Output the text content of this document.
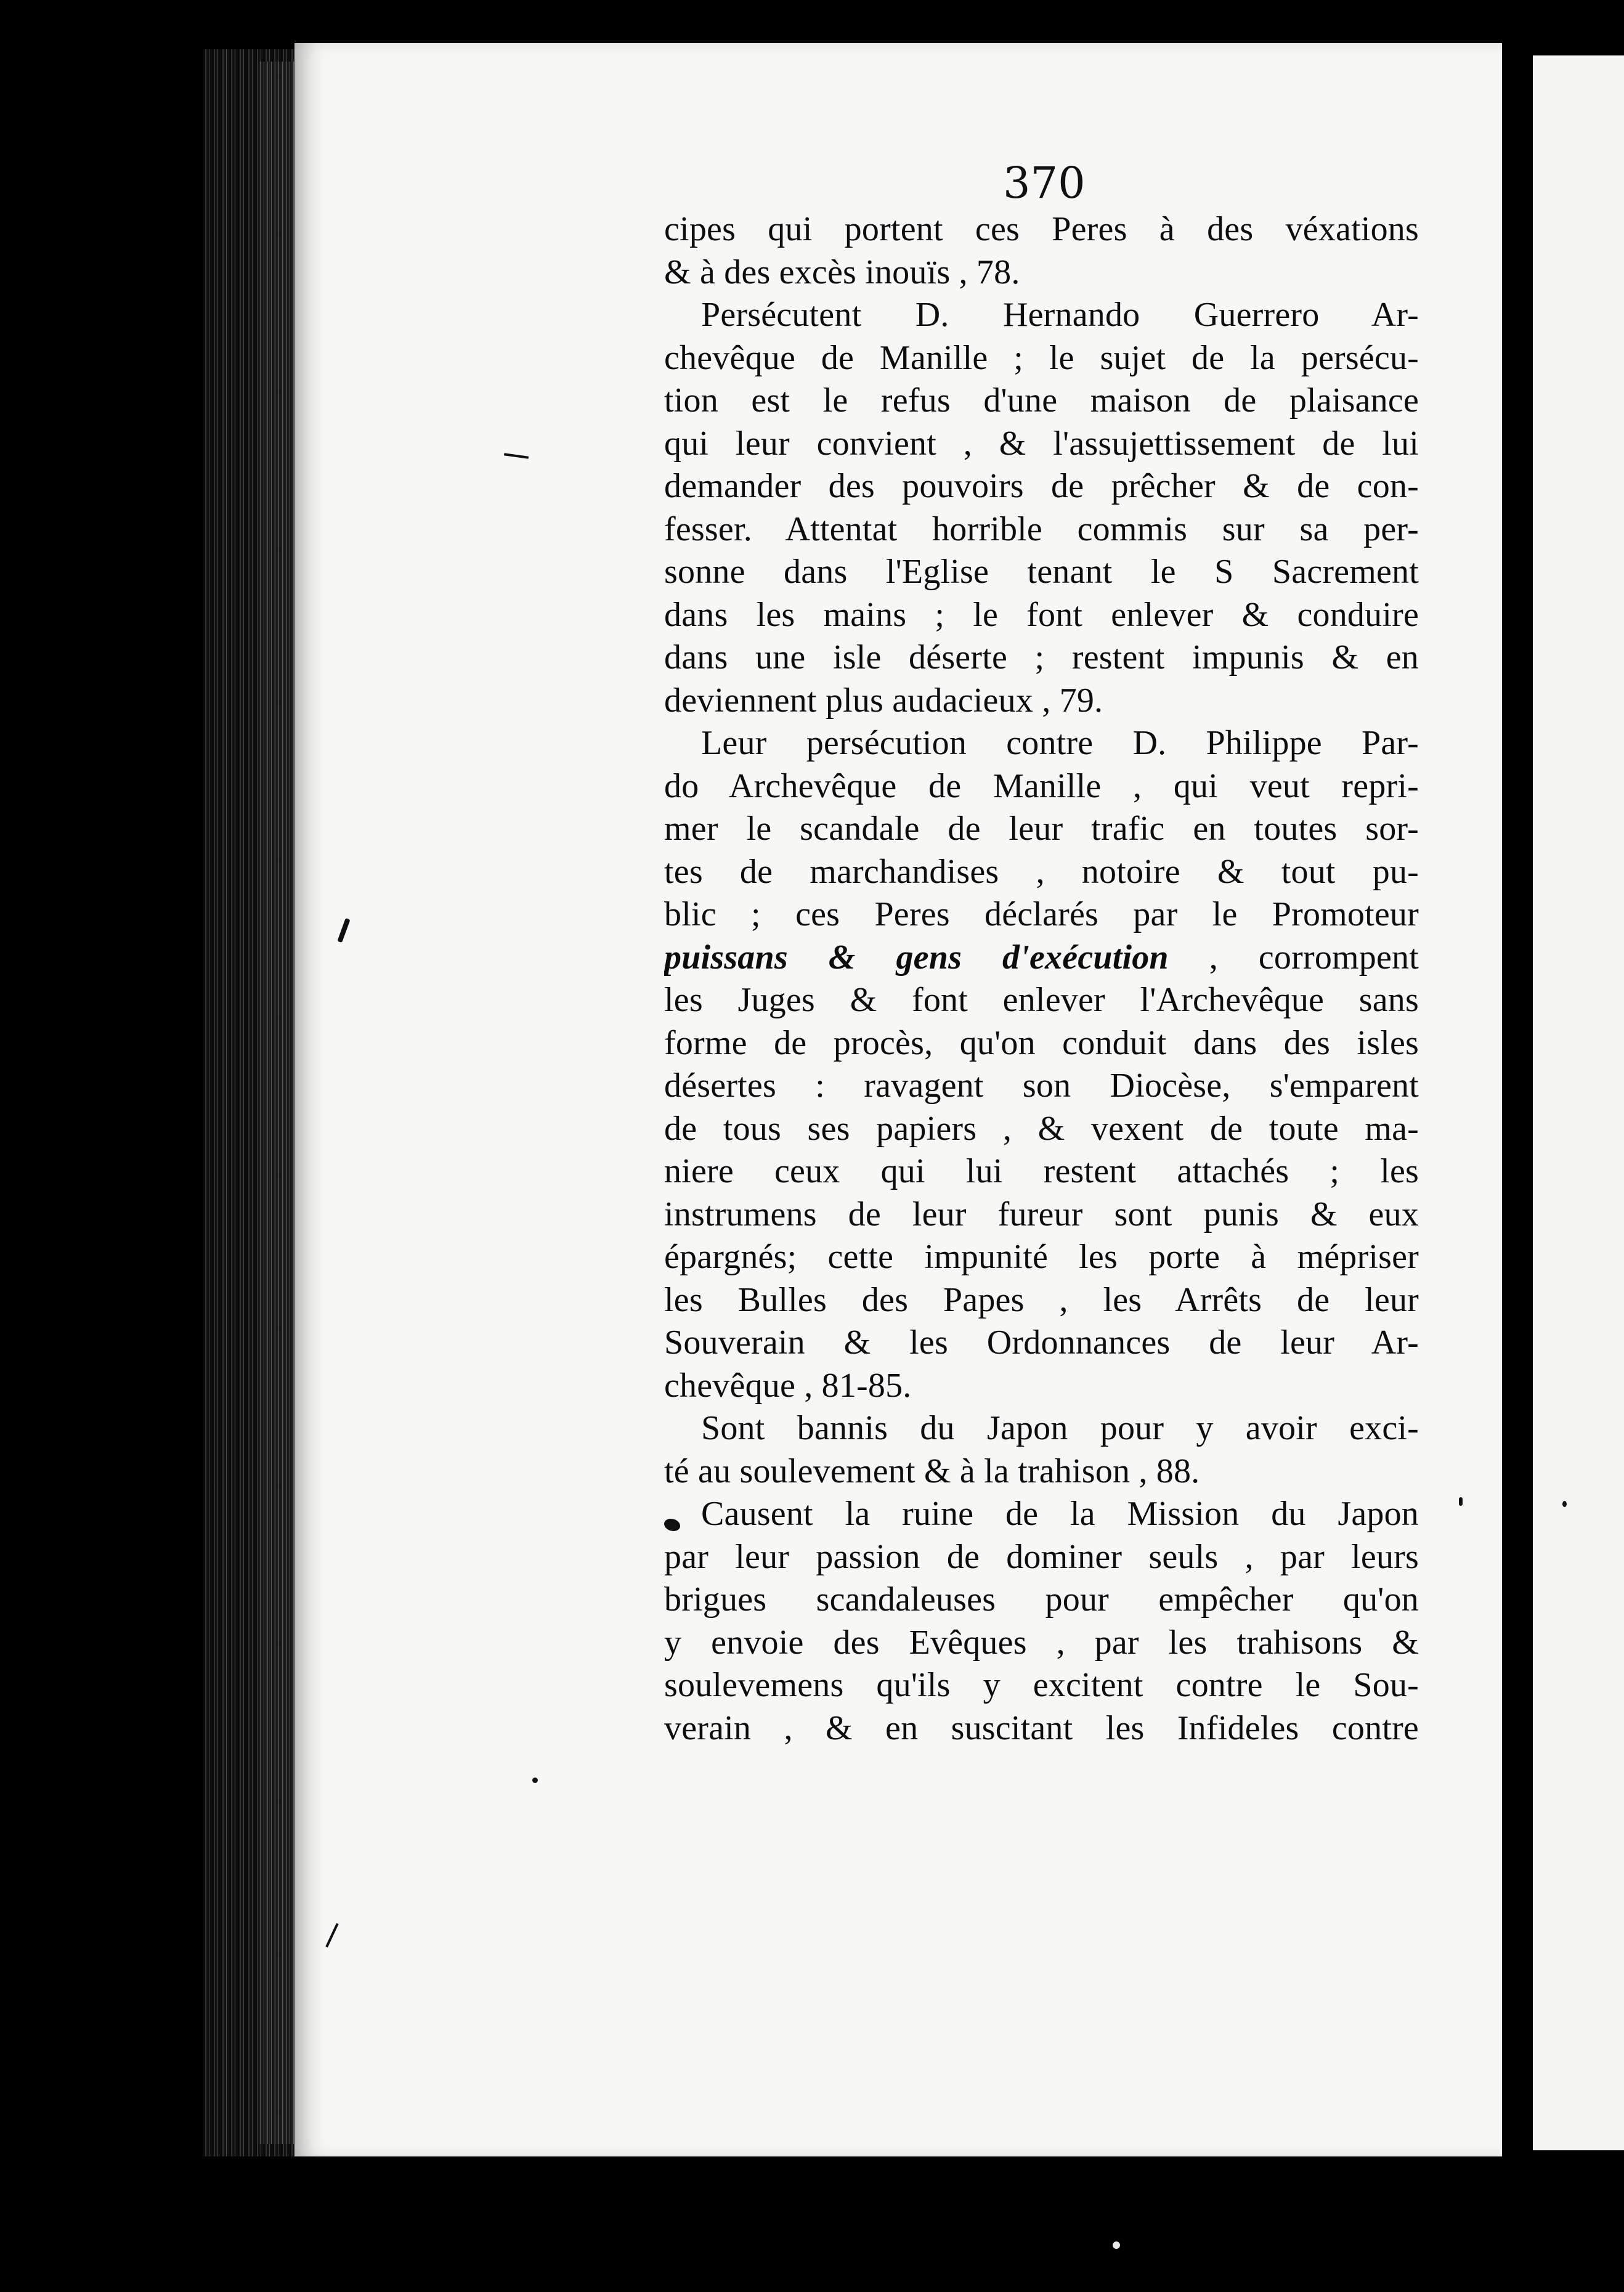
370

cipes qui portent ces Peres à des véxations
& à des excès inouïs , 78.
Persécutent D. Hernando Guerrero Ar-
chevêque de Manille ; le sujet de la persécu-
tion est le refus d'une maison de plaisance
qui leur convient , & l'assujettissement de lui
demander des pouvoirs de prêcher & de con-
fesser. Attentat horrible commis sur sa per-
sonne dans l'Eglise tenant le S Sacrement
dans les mains ; le font enlever & conduire
dans une isle déserte ; restent impunis & en
deviennent plus audacieux , 79.
Leur persécution contre D. Philippe Par-
do Archevêque de Manille , qui veut repri-
mer le scandale de leur trafic en toutes sor-
tes de marchandises , notoire & tout pu-
blic ; ces Peres déclarés par le Promoteur
puissans & gens d'exécution , corrompent
les Juges & font enlever l'Archevêque sans
forme de procès, qu'on conduit dans des isles
désertes : ravagent son Diocèse, s'emparent
de tous ses papiers , & vexent de toute ma-
niere ceux qui lui restent attachés ; les
instrumens de leur fureur sont punis & eux
épargnés; cette impunité les porte à mépriser
les Bulles des Papes , les Arrêts de leur
Souverain & les Ordonnances de leur Ar-
chevêque , 81-85.
Sont bannis du Japon pour y avoir exci-
té au soulevement & à la trahison , 88.
Causent la ruine de la Mission du Japon
par leur passion de dominer seuls , par leurs
brigues scandaleuses pour empêcher qu'on
y envoie des Evêques , par les trahisons &
soulevemens qu'ils y excitent contre le Sou-
verain , & en suscitant les Infideles contre
